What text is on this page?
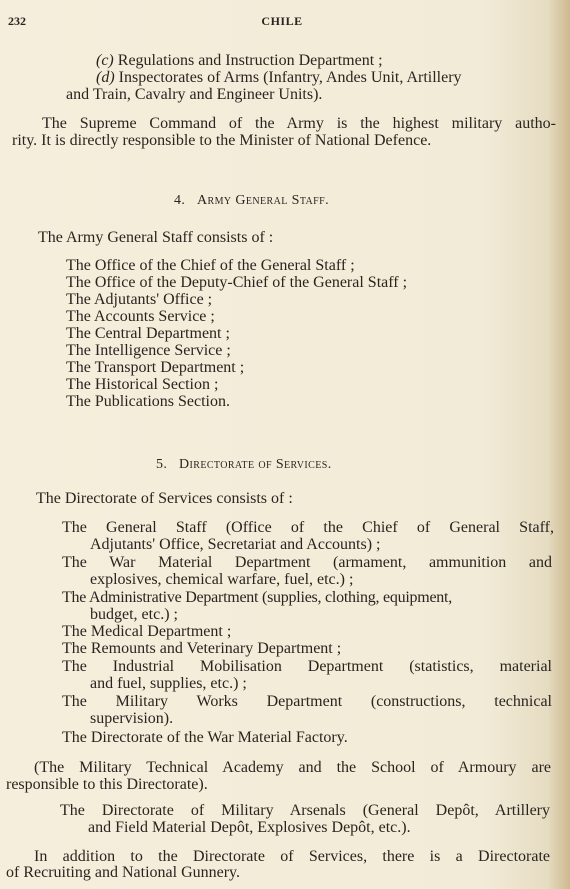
232	CHILE
(c) Regulations and Instruction Department ;
(d) Inspectorates of Arms (Infantry, Andes Unit, Artillery
and Train, Cavalry and Engineer Units).
The Supreme Command of the Army is the highest military autho-
rity. It is directly responsible to the Minister of National Defence.
4. Army General Staff.
The Army General Staff consists of :
The Office of the Chief of the General Staff ;
The Office of the Deputy-Chief of the General Staff ;
The Adjutants' Office ;
The Accounts Service ;
The Central Department ;
The Intelligence Service ;
The Transport Department ;
The Historical Section ;
The Publications Section.
5. Directorate of Services.
The Directorate of Services consists of :
The General Staff (Office of the Chief of General Staff,
Adjutants' Office, Secretariat and Accounts) ;
The War Material Department (armament, ammunition and
explosives, chemical warfare, fuel, etc.) ;
The Administrative Department (supplies, clothing, equipment,
budget, etc.) ;
The Medical Department ;
The Remounts and Veterinary Department ;
The Industrial Mobilisation Department (statistics, material
and fuel, supplies, etc.) ;
The Military Works Department (constructions, technical
supervision).
The Directorate of the War Material Factory.
(The Military Technical Academy and the School of Armoury are
responsible to this Directorate).
The Directorate of Military Arsenals (General Depôt, Artillery
and Field Material Depôt, Explosives Depôt, etc.).
In addition to the Directorate of Services, there is a Directorate
of Recruiting and National Gunnery.
